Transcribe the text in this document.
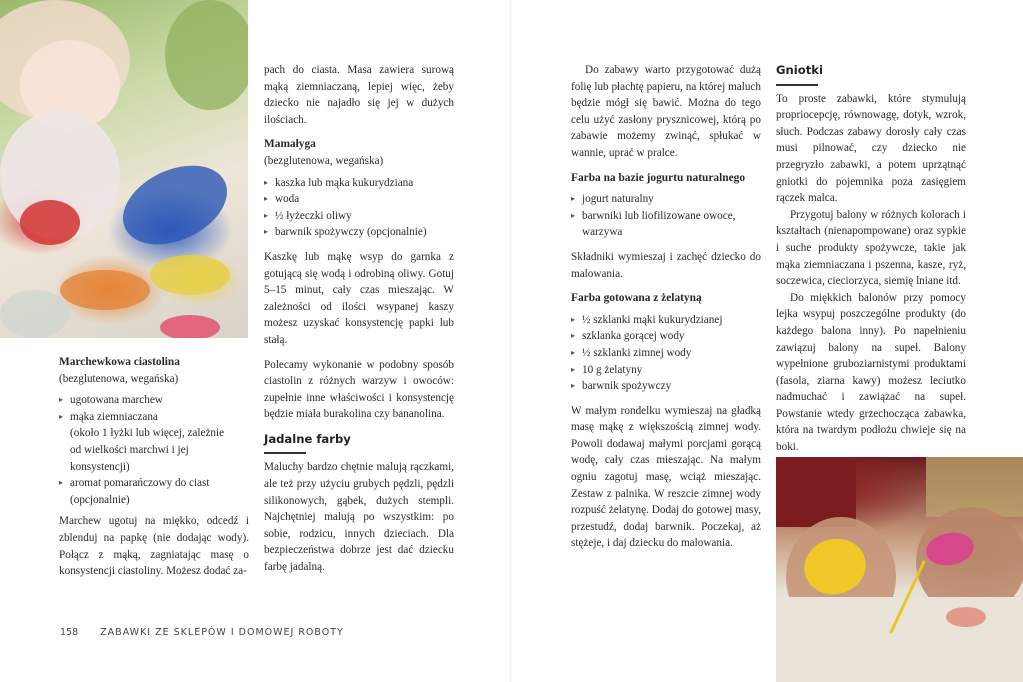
Marchewkowa ciastolina
(bezglutenowa, wegańska)
▸ ugotowana marchew
▸ mąka ziemniaczana
(około 1 łyżki lub więcej, zależnie
od wielkości marchwi i jej
konsystencji)
▸ aromat pomarańczowy do ciast
(opcjonalnie)

Marchew ugotuj na miękko, odcedź i zblenduj na papkę (nie dodając wody). Połącz z mąką, zagniatając masę o konsystencji ciastoliny. Możesz dodać za-

pach do ciasta. Masa zawiera surową mąką ziemniaczaną, lepiej więc, żeby dziecko nie najadło się jej w dużych ilościach.

Mamałyga
(bezglutenowa, wegańska)
▸ kaszka lub mąka kukurydziana
▸ woda
▸ ½ łyżeczki oliwy
▸ barwnik spożywczy (opcjonalnie)

Kaszkę lub mąkę wsyp do garnka z gotującą się wodą i odrobiną oliwy. Gotuj 5–15 minut, cały czas mieszając. W zależności od ilości wsypanej kaszy możesz uzyskać konsystencję papki lub stałą.

Polecamy wykonanie w podobny sposób ciastolin z różnych warzyw i owoców: zupełnie inne właściwości i konsystencję będzie miała burakolina czy bananolina.

Jadalne farby

Maluchy bardzo chętnie malują rączkami, ale też przy użyciu grubych pędzli, pędzli silikonowych, gąbek, dużych stempli. Najchętniej malują po wszystkim: po sobie, rodzicu, innych dzieciach. Dla bezpieczeństwa dobrze jest dać dziecku farbę jadalną.

Do zabawy warto przygotować dużą folię lub płachtę papieru, na której maluch będzie mógł się bawić. Można do tego celu użyć zasłony prysznicowej, którą po zabawie możemy zwinąć, spłukać w wannie, uprać w pralce.

Farba na bazie jogurtu naturalnego
▸ jogurt naturalny
▸ barwniki lub liofilizowane owoce, warzywa

Składniki wymieszaj i zachęć dziecko do malowania.

Farba gotowana z żelatyną
▸ ½ szklanki mąki kukurydzianej
▸ szklanka gorącej wody
▸ ½ szklanki zimnej wody
▸ 10 g żelatyny
▸ barwnik spożywczy

W małym rondelku wymieszaj na gładką masę mąkę z większością zimnej wody. Powoli dodawaj małymi porcjami gorącą wodę, cały czas mieszając. Na małym ogniu zagotuj masę, wciąż mieszając. Zestaw z palnika. W reszcie zimnej wody rozpuść żelatynę. Dodaj do gotowej masy, przestudź, dodaj barwnik. Poczekaj, aż stężeje, i daj dziecku do malowania.

Gniotki

To proste zabawki, które stymulują propriocepcję, równowagę, dotyk, wzrok, słuch. Podczas zabawy dorosły cały czas musi pilnować, czy dziecko nie przegryzło zabawki, a potem uprzątnąć gniotki do pojemnika poza zasięgiem rączek malca.

Przygotuj balony w różnych kolorach i kształtach (nienapompowane) oraz sypkie i suche produkty spożywcze, takie jak mąka ziemniaczana i pszenna, kasze, ryż, soczewica, cieciorzyca, siemię lniane itd.

Do miękkich balonów przy pomocy lejka wsypuj poszczególne produkty (do każdego balona inny). Po napełnieniu zawiązuj balony na supeł. Balony wypełnione gruboziarnistymi produktami (fasola, ziarna kawy) możesz leciutko nadmuchać i zawiązać na supeł. Powstanie wtedy grzechocząca zabawka, która na twardym podłożu chwieje się na boki.

158 ZABAWKI ZE SKLEPÓW I DOMOWEJ ROBOTY
